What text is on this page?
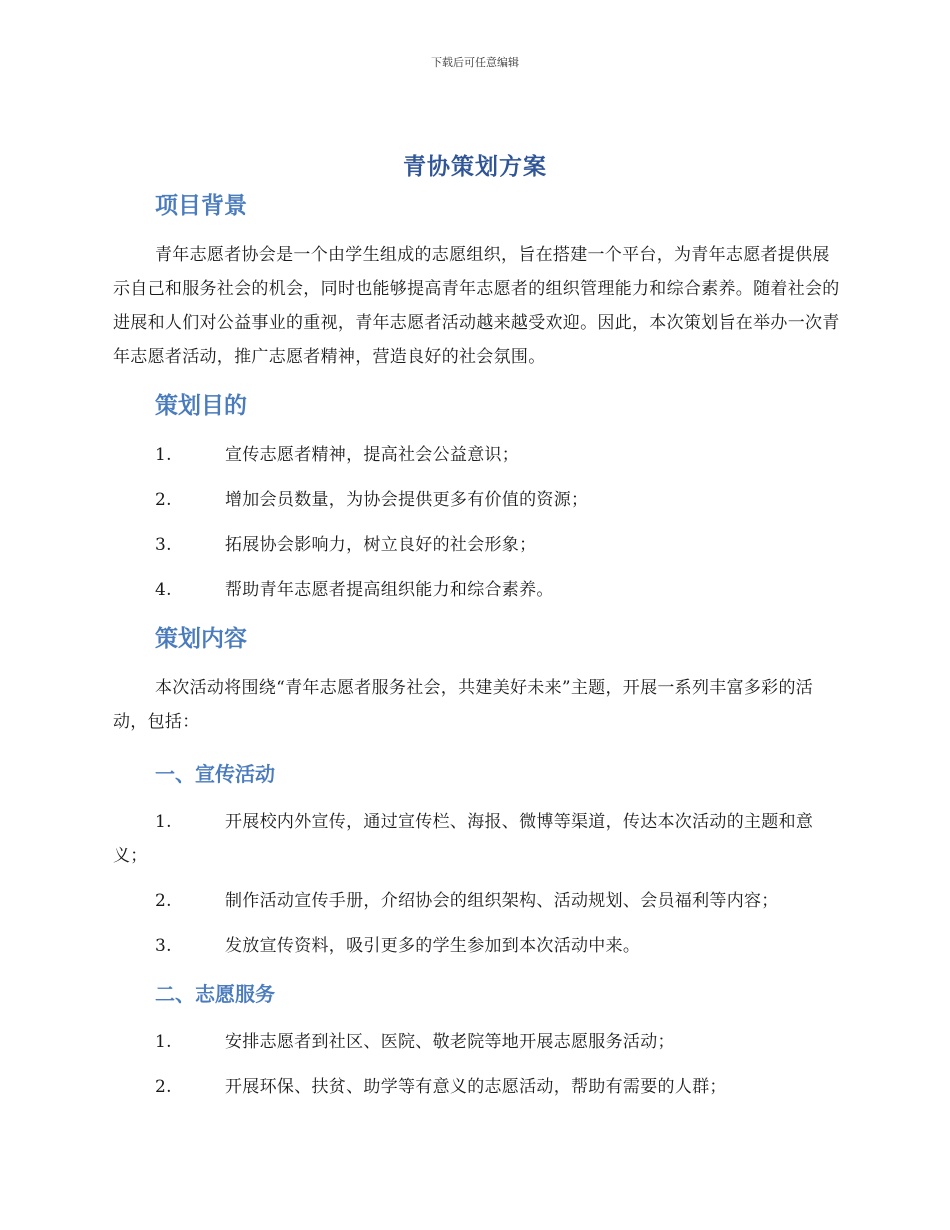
下载后可任意编辑
青协策划方案
项目背景

青年志愿者协会是一个由学生组成的志愿组织，旨在搭建一个平台，为青年志愿者提供展示自己和服务社会的机会，同时也能够提高青年志愿者的组织管理能力和综合素养。随着社会的进展和人们对公益事业的重视，青年志愿者活动越来越受欢迎。因此，本次策划旨在举办一次青年志愿者活动，推广志愿者精神，营造良好的社会氛围。

策划目的
1.	宣传志愿者精神，提高社会公益意识；
2.	增加会员数量，为协会提供更多有价值的资源；
3.	拓展协会影响力，树立良好的社会形象；
4.	帮助青年志愿者提高组织能力和综合素养。
策划内容

本次活动将围绕“青年志愿者服务社会，共建美好未来”主题，开展一系列丰富多彩的活动，包括：

一、宣传活动
1.	开展校内外宣传，通过宣传栏、海报、微博等渠道，传达本次活动的主题和意义；
2.	制作活动宣传手册，介绍协会的组织架构、活动规划、会员福利等内容；
3.	发放宣传资料，吸引更多的学生参加到本次活动中来。
二、志愿服务
1.	安排志愿者到社区、医院、敬老院等地开展志愿服务活动；
2.	开展环保、扶贫、助学等有意义的志愿活动，帮助有需要的人群；
